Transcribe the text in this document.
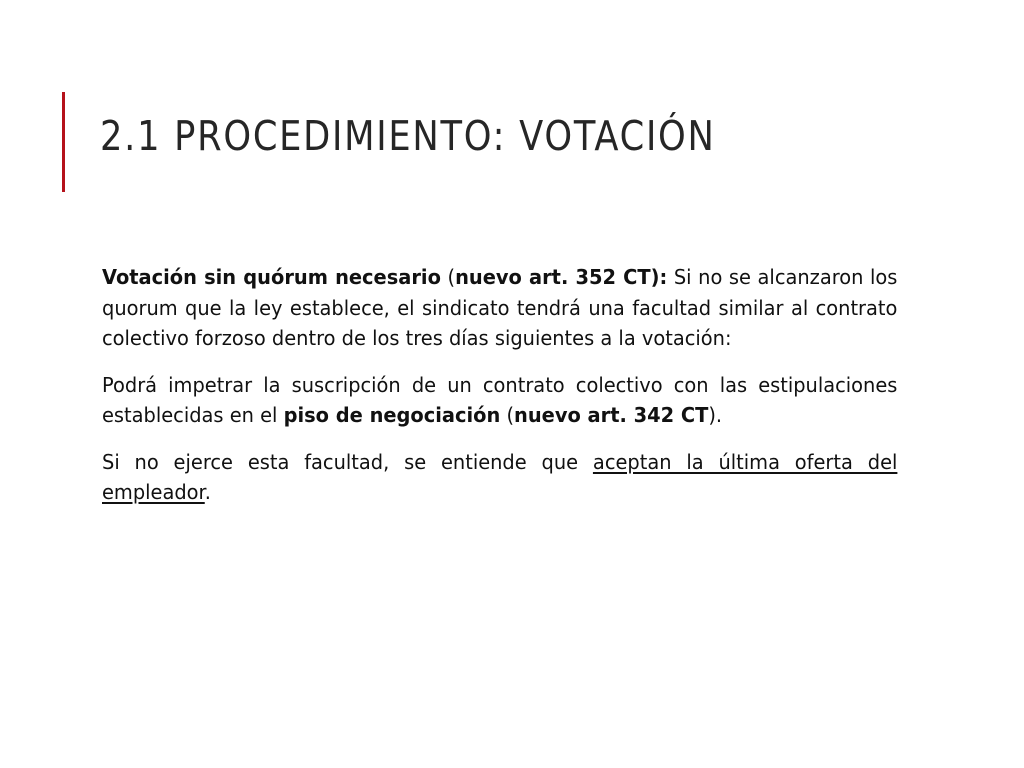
2.1 PROCEDIMIENTO: VOTACIÓN

Votación sin quórum necesario (nuevo art. 352 CT): Si no se alcanzaron los quorum que la ley establece, el sindicato tendrá una facultad similar al contrato colectivo forzoso dentro de los tres días siguientes a la votación:

Podrá impetrar la suscripción de un contrato colectivo con las estipulaciones establecidas en el piso de negociación (nuevo art. 342 CT).

Si no ejerce esta facultad, se entiende que aceptan la última oferta del empleador.
